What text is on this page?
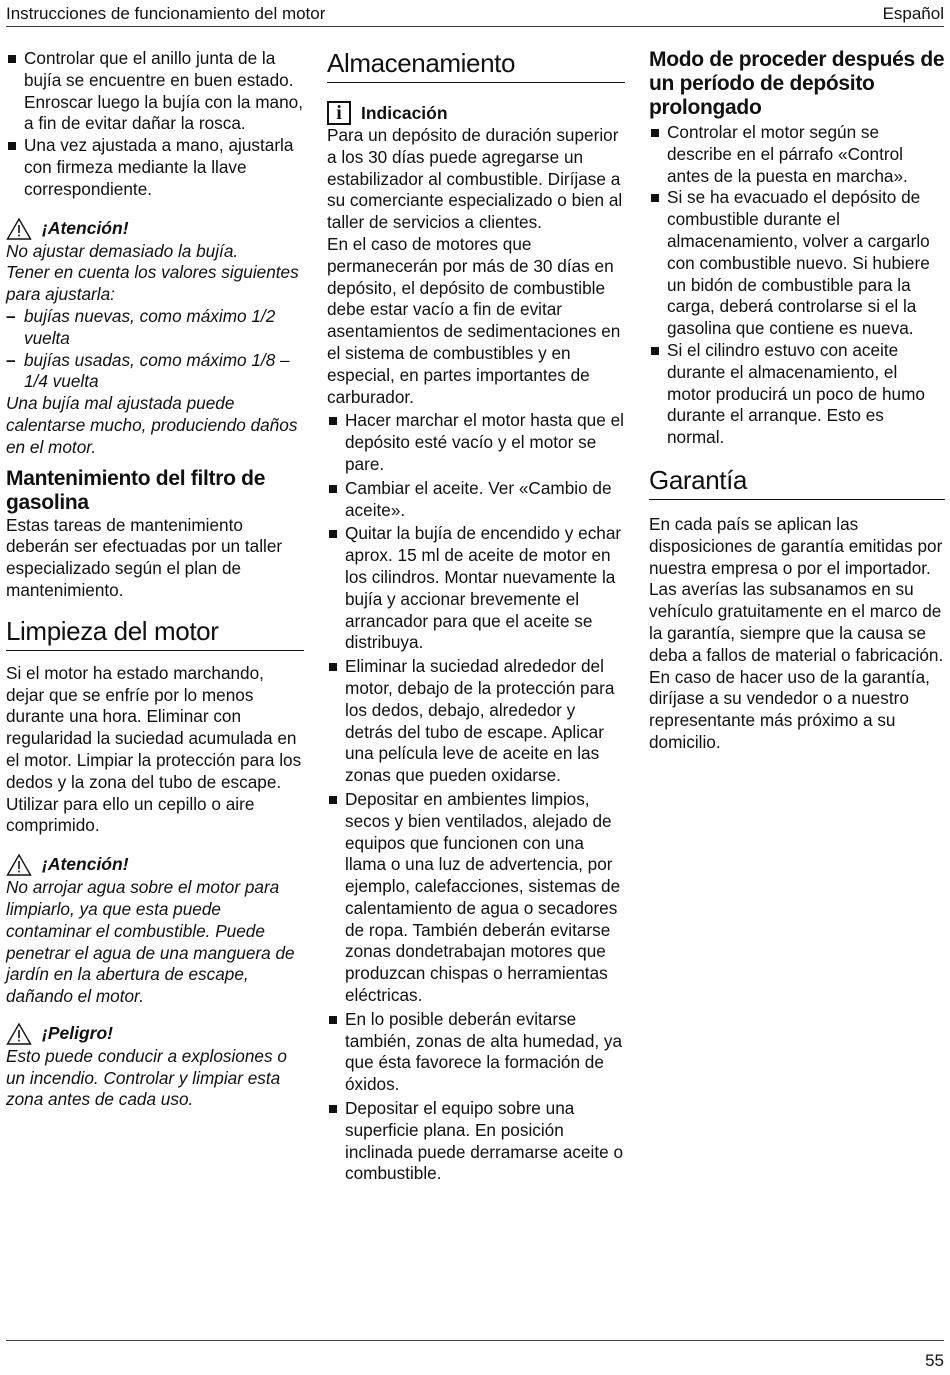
Instrucciones de funcionamiento del motor	Español
Controlar que el anillo junta de la bujía se encuentre en buen estado. Enroscar luego la bujía con la mano, a fin de evitar dañar la rosca.
Una vez ajustada a mano, ajustarla con firmeza mediante la llave correspondiente.
¡Atención!

No ajustar demasiado la bujía.

Tener en cuenta los valores siguientes para ajustarla:

– bujías nuevas, como máximo 1/2 vuelta
– bujías usadas, como máximo 1/8 – 1/4 vuelta

Una bujía mal ajustada puede calentarse mucho, produciendo daños en el motor.

Mantenimiento del filtro de gasolina

Estas tareas de mantenimiento deberán ser efectuadas por un taller especializado según el plan de mantenimiento.

Limpieza del motor

Si el motor ha estado marchando, dejar que se enfríe por lo menos durante una hora. Eliminar con regularidad la suciedad acumulada en el motor. Limpiar la protección para los dedos y la zona del tubo de escape. Utilizar para ello un cepillo o aire comprimido.

¡Atención!

No arrojar agua sobre el motor para limpiarlo, ya que esta puede contaminar el combustible. Puede penetrar el agua de una manguera de jardín en la abertura de escape, dañando el motor.

¡Peligro!

Esto puede conducir a explosiones o un incendio. Controlar y limpiar esta zona antes de cada uso.

Almacenamiento
i	Indicación

Para un depósito de duración superior a los 30 días puede agregarse un estabilizador al combustible. Diríjase a su comerciante especializado o bien al taller de servicios a clientes.

En el caso de motores que permanecerán por más de 30 días en depósito, el depósito de combustible debe estar vacío a fin de evitar asentamientos de sedimentaciones en el sistema de combustibles y en especial, en partes importantes de carburador.

Hacer marchar el motor hasta que el depósito esté vacío y el motor se pare.
Cambiar el aceite. Ver «Cambio de aceite».
Quitar la bujía de encendido y echar aprox. 15 ml de aceite de motor en los cilindros. Montar nuevamente la bujía y accionar brevemente el arrancador para que el aceite se distribuya.
Eliminar la suciedad alrededor del motor, debajo de la protección para los dedos, debajo, alrededor y detrás del tubo de escape. Aplicar una película leve de aceite en las zonas que pueden oxidarse.
Depositar en ambientes limpios, secos y bien ventilados, alejado de equipos que funcionen con una llama o una luz de advertencia, por ejemplo, calefacciones, sistemas de calentamiento de agua o secadores de ropa. También deberán evitarse zonas dondetrabajan motores que produzcan chispas o herramientas eléctricas.
En lo posible deberán evitarse también, zonas de alta humedad, ya que ésta favorece la formación de óxidos.
Depositar el equipo sobre una superficie plana. En posición inclinada puede derramarse aceite o combustible.
Modo de proceder después de un período de depósito prolongado
Controlar el motor según se describe en el párrafo «Control antes de la puesta en marcha».
Si se ha evacuado el depósito de combustible durante el almacenamiento, volver a cargarlo con combustible nuevo. Si hubiere un bidón de combustible para la carga, deberá controlarse si el la gasolina que contiene es nueva.
Si el cilindro estuvo con aceite durante el almacenamiento, el motor producirá un poco de humo durante el arranque. Esto es normal.
Garantía

En cada país se aplican las disposiciones de garantía emitidas por nuestra empresa o por el importador. Las averías las subsanamos en su vehículo gratuitamente en el marco de la garantía, siempre que la causa se deba a fallos de material o fabricación. En caso de hacer uso de la garantía, diríjase a su vendedor o a nuestro representante más próximo a su domicilio.

55
